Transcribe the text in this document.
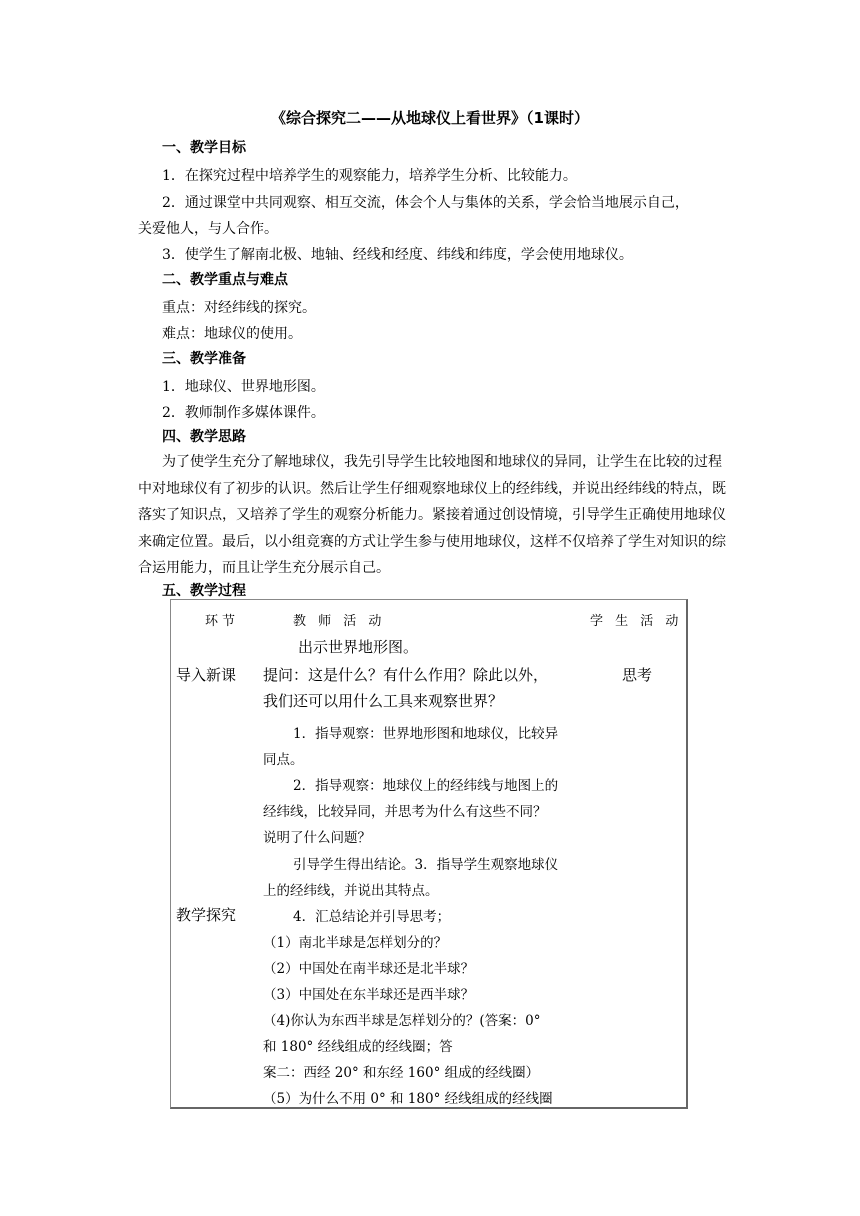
《综合探究二——从地球仪上看世界》（1课时）
一、教学目标
1．在探究过程中培养学生的观察能力，培养学生分析、比较能力。
2．通过课堂中共同观察、相互交流，体会个人与集体的关系，学会恰当地展示自己，
关爱他人，与人合作。
3．使学生了解南北极、地轴、经线和经度、纬线和纬度，学会使用地球仪。
二、教学重点与难点
重点：对经纬线的探究。
难点：地球仪的使用。
三、教学准备
1．地球仪、世界地形图。
2．教师制作多媒体课件。
四、教学思路
为了使学生充分了解地球仪，我先引导学生比较地图和地球仪的异同，让学生在比较的过程中对地球仪有了初步的认识。然后让学生仔细观察地球仪上的经纬线，并说出经纬线的特点，既落实了知识点，又培养了学生的观察分析能力。紧接着通过创设情境，引导学生正确使用地球仪来确定位置。最后，以小组竞赛的方式让学生参与使用地球仪，这样不仅培养了学生对知识的综合运用能力，而且让学生充分展示自己。
五、教学过程
环节	教 师 活 动	学 生 活 动
出示世界地形图。
导入新课 提问：这是什么？有什么作用？除此以外，	思考
我们还可以用什么工具来观察世界？
1．指导观察：世界地形图和地球仪，比较异
同点。
2．指导观察：地球仪上的经纬线与地图上的
经纬线，比较异同，并思考为什么有这些不同？
说明了什么问题？
引导学生得出结论。3．指导学生观察地球仪
上的经纬线，并说出其特点。
教学探究	4．汇总结论并引导思考；
（1）南北半球是怎样划分的？
（2）中国处在南半球还是北半球？
（3）中国处在东半球还是西半球？
（4)你认为东西半球是怎样划分的？(答案：0°
和 180° 经线组成的经线圈；答
案二：西经 20° 和东经 160° 组成的经线圈）
（5）为什么不用 0° 和 180° 经线组成的经线圈
